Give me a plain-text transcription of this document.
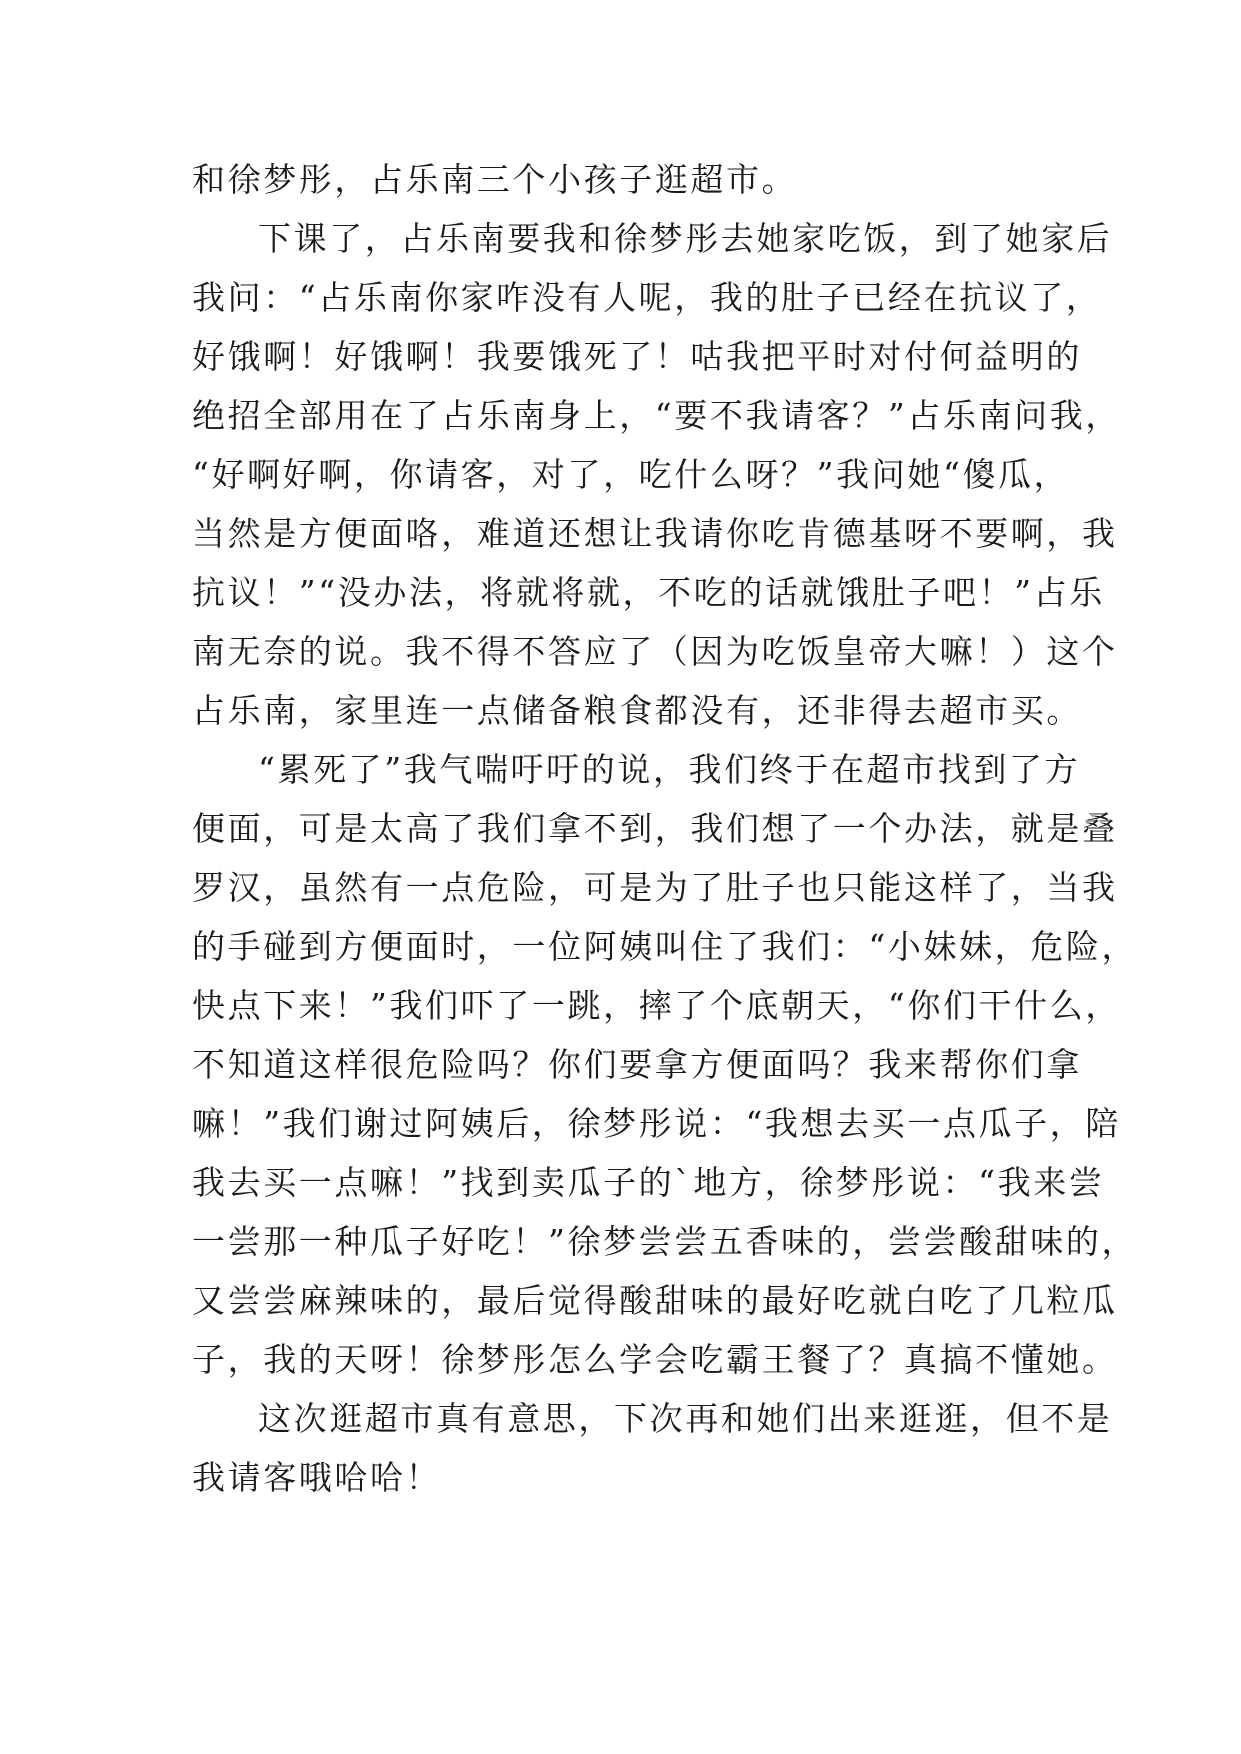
和徐梦彤，占乐南三个小孩子逛超市。
下课了，占乐南要我和徐梦彤去她家吃饭，到了她家后
我问：“占乐南你家咋没有人呢，我的肚子已经在抗议了，
好饿啊！好饿啊！我要饿死了！咕我把平时对付何益明的
绝招全部用在了占乐南身上，“要不我请客？”占乐南问我，
“好啊好啊，你请客，对了，吃什么呀？”我问她“傻瓜，
当然是方便面咯，难道还想让我请你吃肯德基呀不要啊，我
抗议！”“没办法，将就将就，不吃的话就饿肚子吧！”占乐
南无奈的说。我不得不答应了（因为吃饭皇帝大嘛！）这个
占乐南，家里连一点储备粮食都没有，还非得去超市买。
“累死了”我气喘吁吁的说，我们终于在超市找到了方
便面，可是太高了我们拿不到，我们想了一个办法，就是叠
罗汉，虽然有一点危险，可是为了肚子也只能这样了，当我
的手碰到方便面时，一位阿姨叫住了我们：“小妹妹，危险，
快点下来！”我们吓了一跳，摔了个底朝天，“你们干什么，
不知道这样很危险吗？你们要拿方便面吗？我来帮你们拿
嘛！”我们谢过阿姨后，徐梦彤说：“我想去买一点瓜子，陪
我去买一点嘛！”找到卖瓜子的`地方，徐梦彤说：“我来尝
一尝那一种瓜子好吃！”徐梦尝尝五香味的，尝尝酸甜味的，
又尝尝麻辣味的，最后觉得酸甜味的最好吃就白吃了几粒瓜
子，我的天呀！徐梦彤怎么学会吃霸王餐了？真搞不懂她。
这次逛超市真有意思，下次再和她们出来逛逛，但不是
我请客哦哈哈！
